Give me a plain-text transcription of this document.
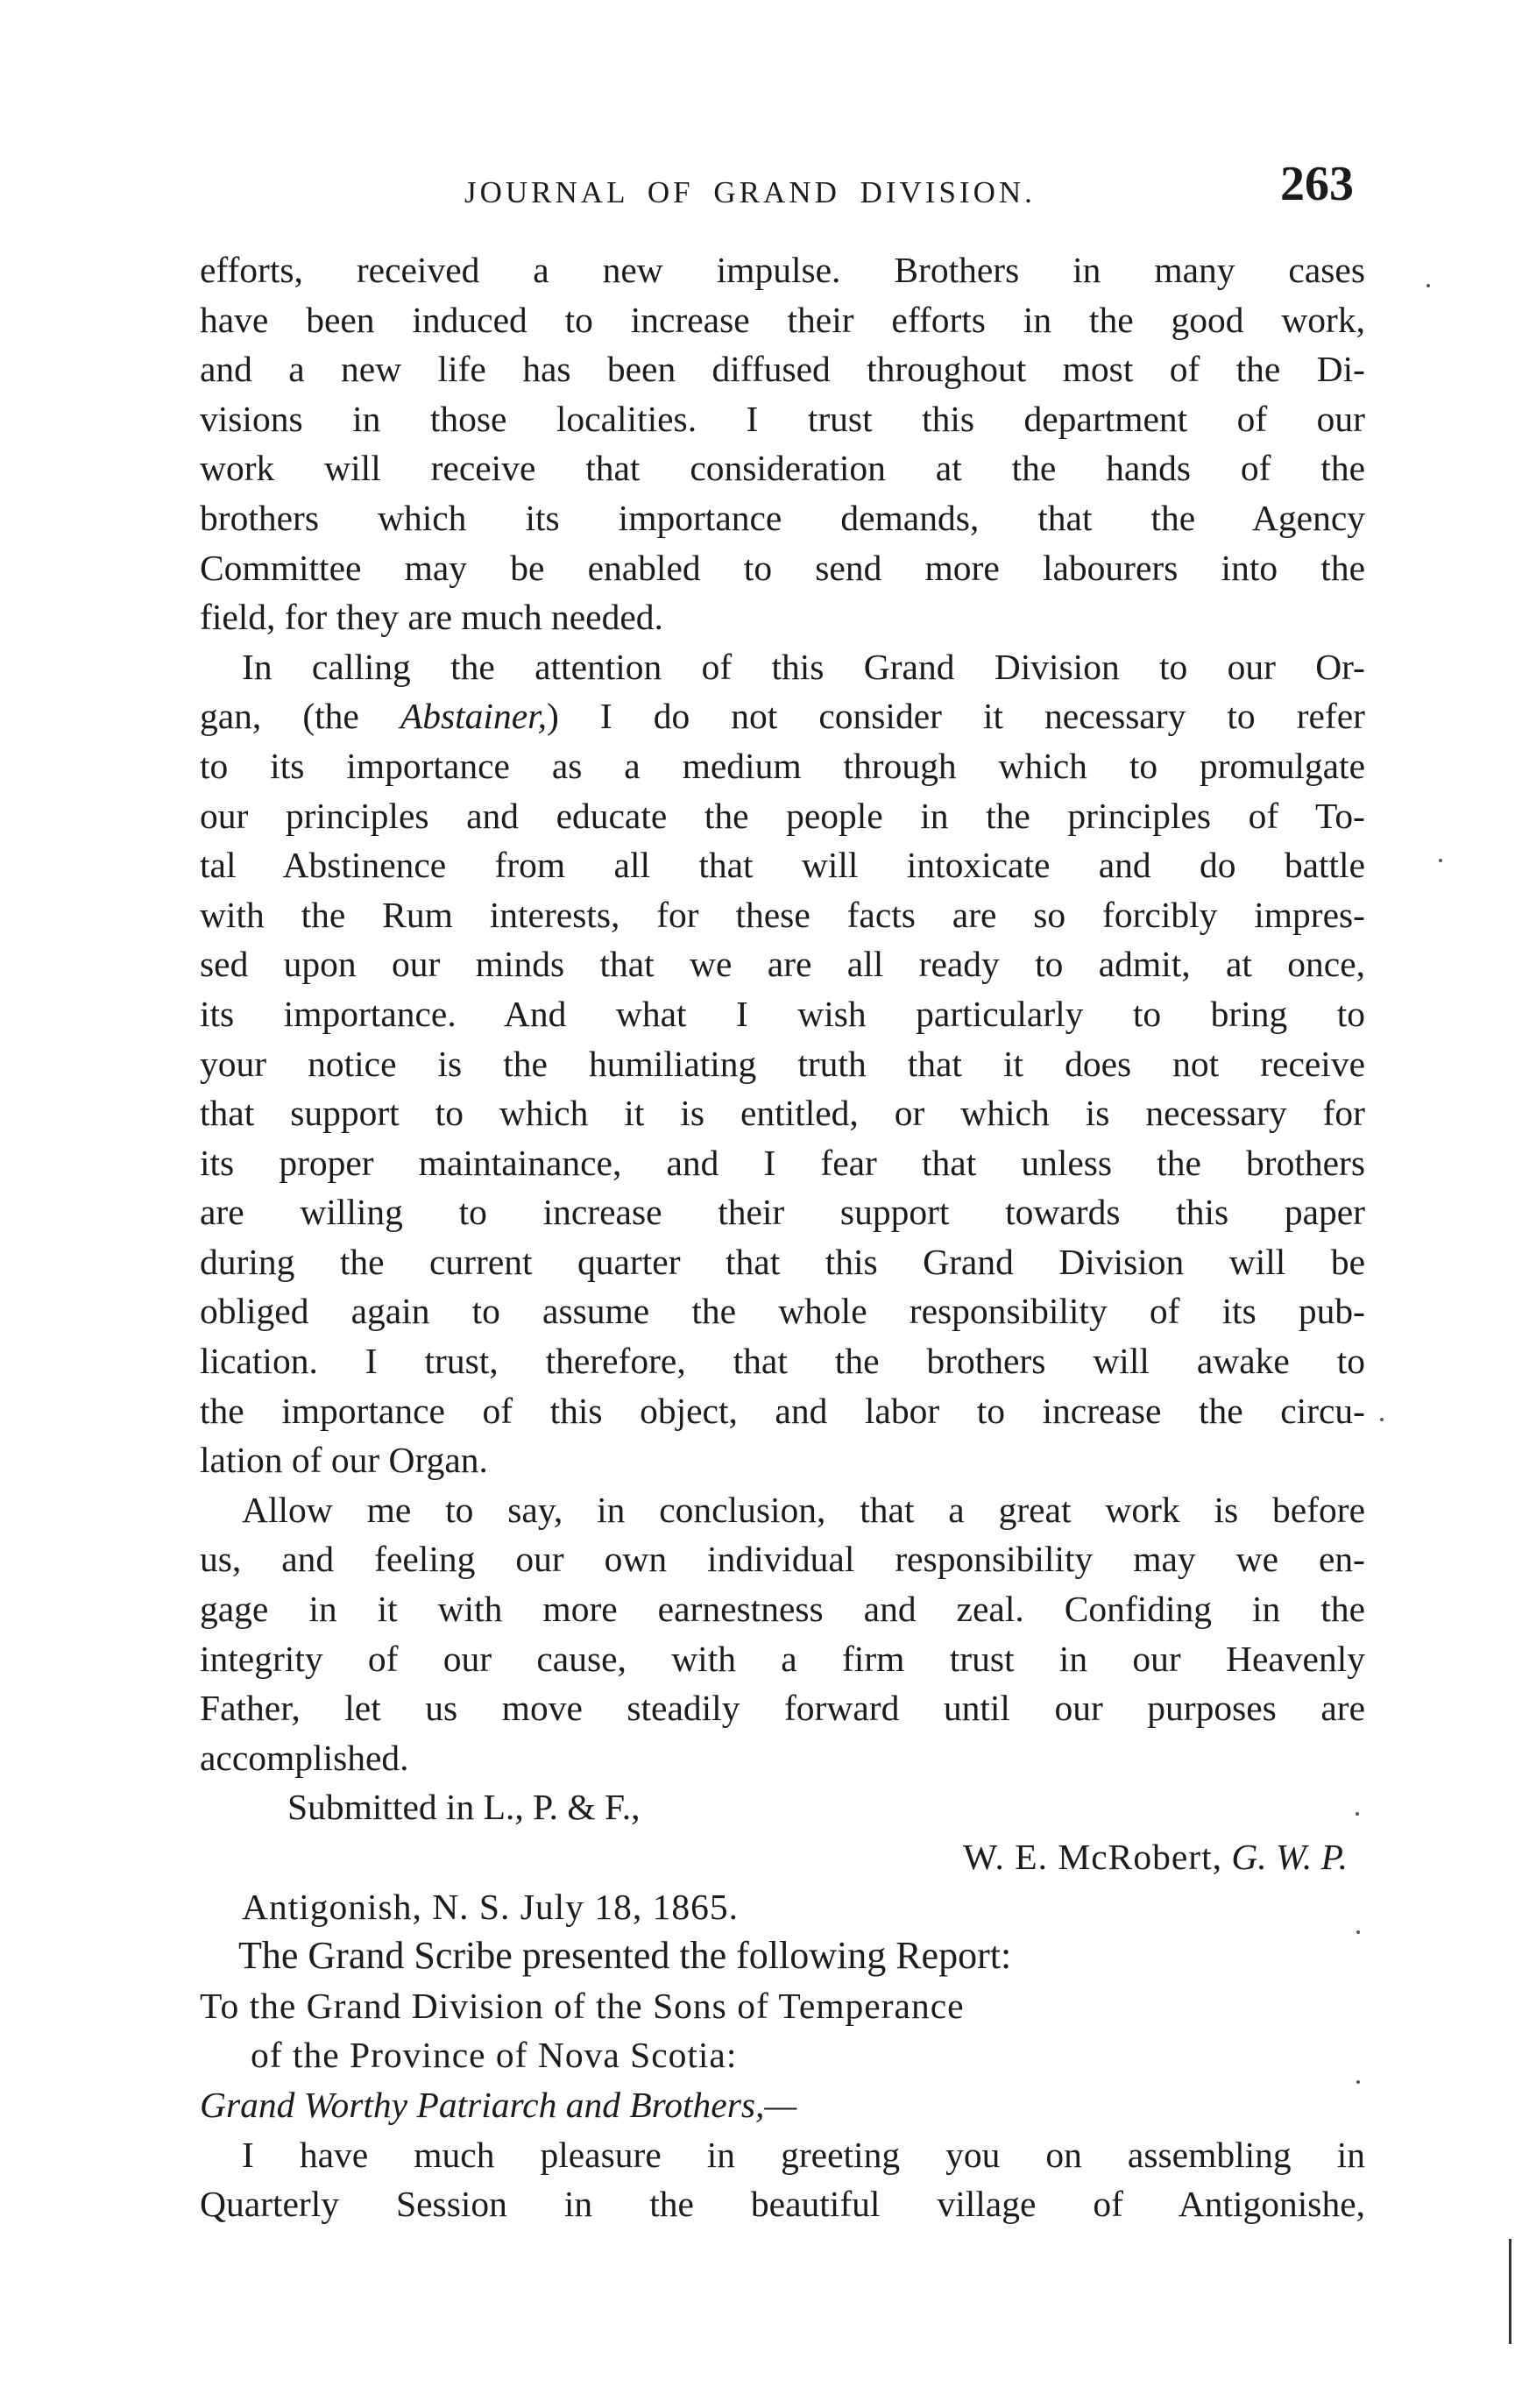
JOURNAL OF GRAND DIVISION.	263
efforts, received a new impulse. Brothers in many cases
have been induced to increase their efforts in the good work,
and a new life has been diffused throughout most of the Di-
visions in those localities. I trust this department of our
work will receive that consideration at the hands of the
brothers which its importance demands, that the Agency
Committee may be enabled to send more labourers into the
field, for they are much needed.
In calling the attention of this Grand Division to our Or-
gan, (the Abstainer,) I do not consider it necessary to refer
to its importance as a medium through which to promulgate
our principles and educate the people in the principles of To-
tal Abstinence from all that will intoxicate and do battle
with the Rum interests, for these facts are so forcibly impres-
sed upon our minds that we are all ready to admit, at once,
its importance. And what I wish particularly to bring to
your notice is the humiliating truth that it does not receive
that support to which it is entitled, or which is necessary for
its proper maintainance, and I fear that unless the brothers
are willing to increase their support towards this paper
during the current quarter that this Grand Division will be
obliged again to assume the whole responsibility of its pub-
lication. I trust, therefore, that the brothers will awake to
the importance of this object, and labor to increase the circu-
lation of our Organ.
Allow me to say, in conclusion, that a great work is before
us, and feeling our own individual responsibility may we en-
gage in it with more earnestness and zeal. Confiding in the
integrity of our cause, with a firm trust in our Heavenly
Father, let us move steadily forward until our purposes are
accomplished.
Submitted in L., P. & F.,
W. E. McRobert, G. W. P.
Antigonish, N. S. July 18, 1865.
The Grand Scribe presented the following Report:
To the Grand Division of the Sons of Temperance
of the Province of Nova Scotia:
Grand Worthy Patriarch and Brothers,—
I have much pleasure in greeting you on assembling in
Quarterly Session in the beautiful village of Antigonishe,
